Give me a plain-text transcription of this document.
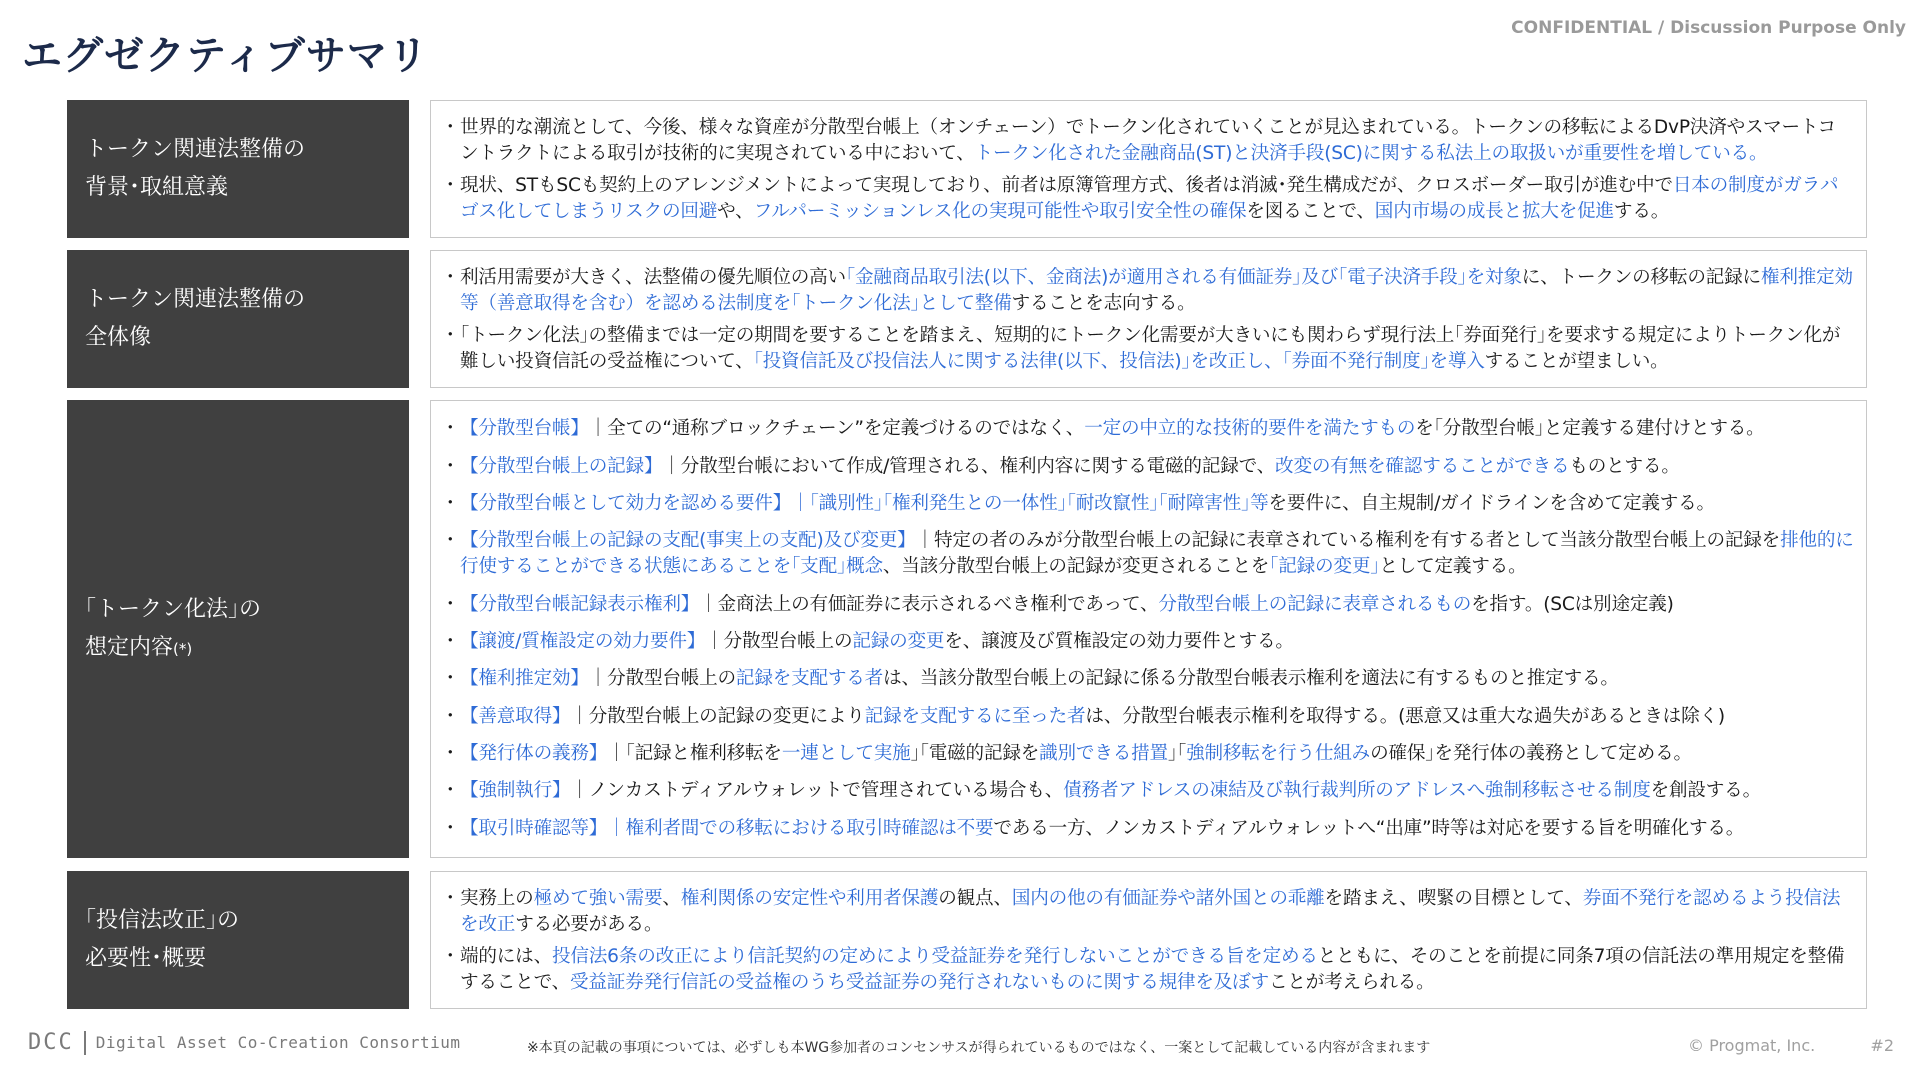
エグゼクティブサマリ
CONFIDENTIAL / Discussion Purpose Only
トークン関連法整備の
背景･取組意義
・ 世界的な潮流として、今後、様々な資産が分散型台帳上（オンチェーン）でトークン化されていくことが見込まれている。トークンの移転によるDvP決済やスマートコントラクトによる取引が技術的に実現されている中において、トークン化された金融商品(ST)と決済手段(SC)に関する私法上の取扱いが重要性を増している。
・ 現状、STもSCも契約上のアレンジメントによって実現しており、前者は原簿管理方式、後者は消滅･発生構成だが、クロスボーダー取引が進む中で日本の制度がガラパゴス化してしまうリスクの回避や、フルパーミッションレス化の実現可能性や取引安全性の確保を図ることで、国内市場の成長と拡大を促進する。
トークン関連法整備の
全体像
・ 利活用需要が大きく、法整備の優先順位の高い｢金融商品取引法(以下、金商法)が適用される有価証券｣及び｢電子決済手段｣を対象に、トークンの移転の記録に権利推定効等（善意取得を含む）を認める法制度を｢トークン化法｣として整備することを志向する。
・ ｢トークン化法｣の整備までは一定の期間を要することを踏まえ、短期的にトークン化需要が大きいにも関わらず現行法上｢券面発行｣を要求する規定によりトークン化が難しい投資信託の受益権について、｢投資信託及び投信法人に関する法律(以下、投信法)｣を改正し、｢券面不発行制度｣を導入することが望ましい。
｢トークン化法｣の
想定内容(*)
・ 【分散型台帳】｜全ての“通称ブロックチェーン”を定義づけるのではなく、一定の中立的な技術的要件を満たすものを｢分散型台帳｣と定義する建付けとする。
・ 【分散型台帳上の記録】｜分散型台帳において作成/管理される、権利内容に関する電磁的記録で、改変の有無を確認することができるものとする。
・ 【分散型台帳として効力を認める要件】｜｢識別性｣｢権利発生との一体性｣｢耐改竄性｣｢耐障害性｣等を要件に、自主規制/ガイドラインを含めて定義する。
・ 【分散型台帳上の記録の支配(事実上の支配)及び変更】｜特定の者のみが分散型台帳上の記録に表章されている権利を有する者として当該分散型台帳上の記録を排他的に行使することができる状態にあることを｢支配｣概念、当該分散型台帳上の記録が変更されることを｢記録の変更｣として定義する。
・ 【分散型台帳記録表示権利】｜金商法上の有価証券に表示されるべき権利であって、分散型台帳上の記録に表章されるものを指す。(SCは別途定義)
・ 【譲渡/質権設定の効力要件】｜分散型台帳上の記録の変更を、譲渡及び質権設定の効力要件とする。
・ 【権利推定効】｜分散型台帳上の記録を支配する者は、当該分散型台帳上の記録に係る分散型台帳表示権利を適法に有するものと推定する。
・ 【善意取得】｜分散型台帳上の記録の変更により記録を支配するに至った者は、分散型台帳表示権利を取得する。(悪意又は重大な過失があるときは除く)
・ 【発行体の義務】｜｢記録と権利移転を一連として実施｣｢電磁的記録を識別できる措置｣｢強制移転を行う仕組みの確保｣を発行体の義務として定める。
・ 【強制執行】｜ノンカストディアルウォレットで管理されている場合も、債務者アドレスの凍結及び執行裁判所のアドレスへ強制移転させる制度を創設する。
・ 【取引時確認等】｜権利者間での移転における取引時確認は不要である一方、ノンカストディアルウォレットへ“出庫”時等は対応を要する旨を明確化する。
｢投信法改正｣の
必要性･概要
・ 実務上の極めて強い需要、権利関係の安定性や利用者保護の観点、国内の他の有価証券や諸外国との乖離を踏まえ、喫緊の目標として、券面不発行を認めるよう投信法を改正する必要がある。
・ 端的には、投信法6条の改正により信託契約の定めにより受益証券を発行しないことができる旨を定めるとともに、そのことを前提に同条7項の信託法の準用規定を整備することで、受益証券発行信託の受益権のうち受益証券の発行されないものに関する規律を及ぼすことが考えられる。
DCC Digital Asset Co-Creation Consortium	※本頁の記載の事項については、必ずしも本WG参加者のコンセンサスが得られているものではなく、一案として記載している内容が含まれます	© Progmat, Inc.	#2
